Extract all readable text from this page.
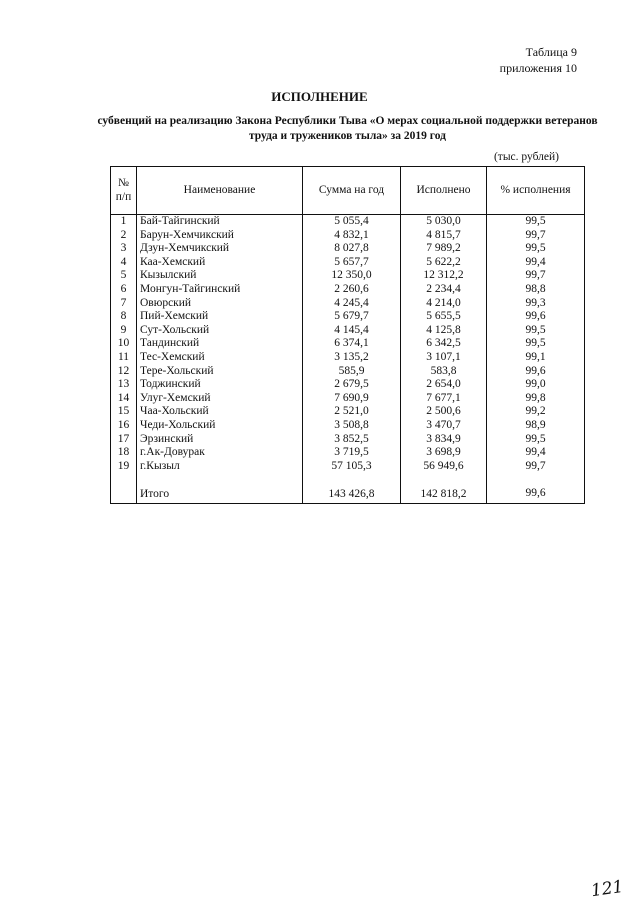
Таблица 9
приложения 10
ИСПОЛНЕНИЕ
субвенций на реализацию Закона Республики Тыва «О мерах социальной поддержки ветеранов
труда и тружеников тыла» за 2019 год
(тыс. рублей)
№ п/п	Наименование	Сумма на год	Исполнено	% исполнения
1	Бай-Тайгинский	5 055,4	5 030,0	99,5
2	Барун-Хемчикский	4 832,1	4 815,7	99,7
3	Дзун-Хемчикский	8 027,8	7 989,2	99,5
4	Каа-Хемский	5 657,7	5 622,2	99,4
5	Кызылский	12 350,0	12 312,2	99,7
6	Монгун-Тайгинский	2 260,6	2 234,4	98,8
7	Овюрский	4 245,4	4 214,0	99,3
8	Пий-Хемский	5 679,7	5 655,5	99,6
9	Сут-Хольский	4 145,4	4 125,8	99,5
10	Тандинский	6 374,1	6 342,5	99,5
11	Тес-Хемский	3 135,2	3 107,1	99,1
12	Тере-Хольский	585,9	583,8	99,6
13	Тоджинский	2 679,5	2 654,0	99,0
14	Улуг-Хемский	7 690,9	7 677,1	99,8
15	Чаа-Хольский	2 521,0	2 500,6	99,2
16	Чеди-Хольский	3 508,8	3 470,7	98,9
17	Эрзинский	3 852,5	3 834,9	99,5
18	г.Ак-Довурак	3 719,5	3 698,9	99,4
19	г.Кызыл	57 105,3	56 949,6	99,7

	Итого	143 426,8	142 818,2	99,6
121
